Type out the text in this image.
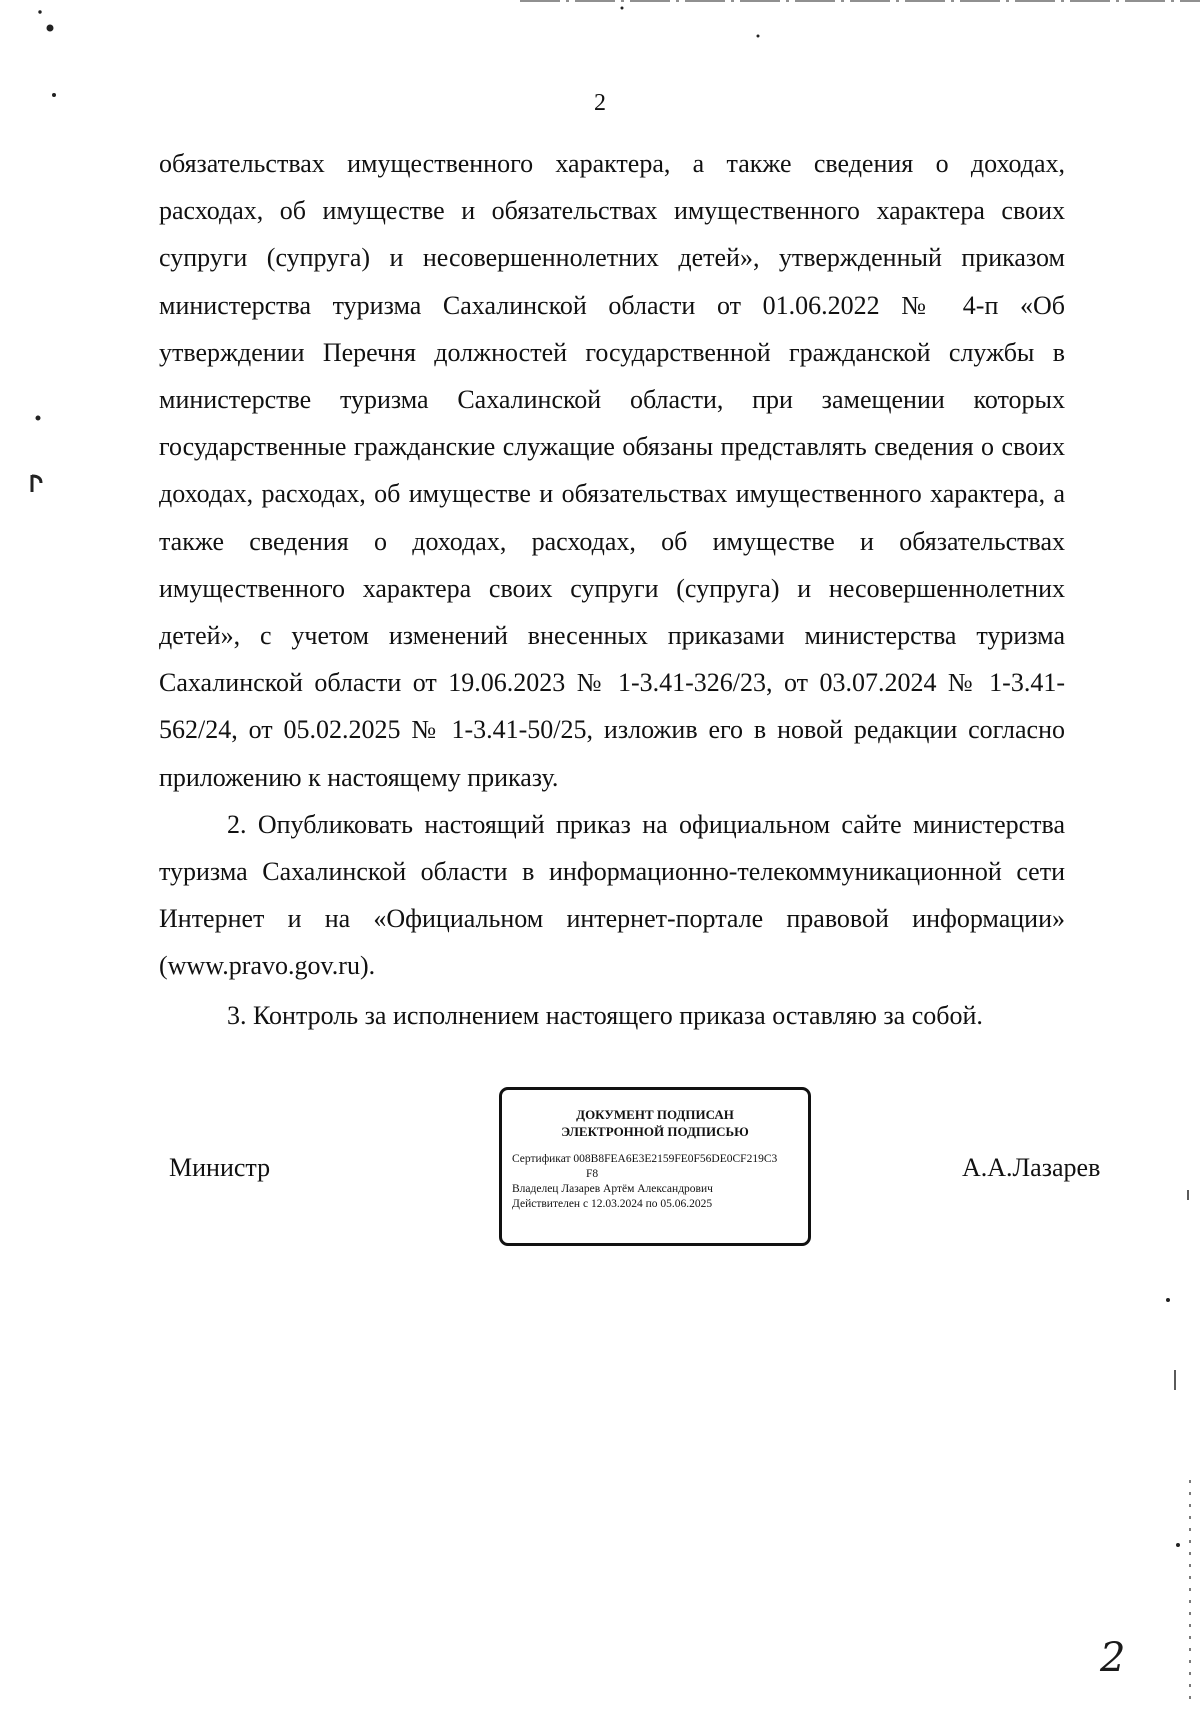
2

обязательствах имущественного характера, а также сведения о доходах, расходах, об имуществе и обязательствах имущественного характера своих супруги (супруга) и несовершеннолетних детей», утвержденный приказом министерства туризма Сахалинской области от 01.06.2022 № 4-п «Об утверждении Перечня должностей государственной гражданской службы в министерстве туризма Сахалинской области, при замещении которых государственные гражданские служащие обязаны представлять сведения о своих доходах, расходах, об имуществе и обязательствах имущественного характера, а также сведения о доходах, расходах, об имуществе и обязательствах имущественного характера своих супруги (супруга) и несовершеннолетних детей», с учетом изменений внесенных приказами министерства туризма Сахалинской области от 19.06.2023 № 1-3.41-326/23, от 03.07.2024 № 1-3.41-562/24, от 05.02.2025 № 1-3.41-50/25, изложив его в новой редакции согласно приложению к настоящему приказу.

2. Опубликовать настоящий приказ на официальном сайте министерства туризма Сахалинской области в информационно-телекоммуникационной сети Интернет и на «Официальном интернет-портале правовой информации» (www.pravo.gov.ru).

3. Контроль за исполнением настоящего приказа оставляю за собой.

Министр
ДОКУМЕНТ ПОДПИСАН
ЭЛЕКТРОННОЙ ПОДПИСЬЮ
Сертификат 008B8FEA6E3E2159FE0F56DE0CF219C3
F8
Владелец Лазарев Артём Александрович
Действителен с 12.03.2024 по 05.06.2025
А.А.Лазарев
2
